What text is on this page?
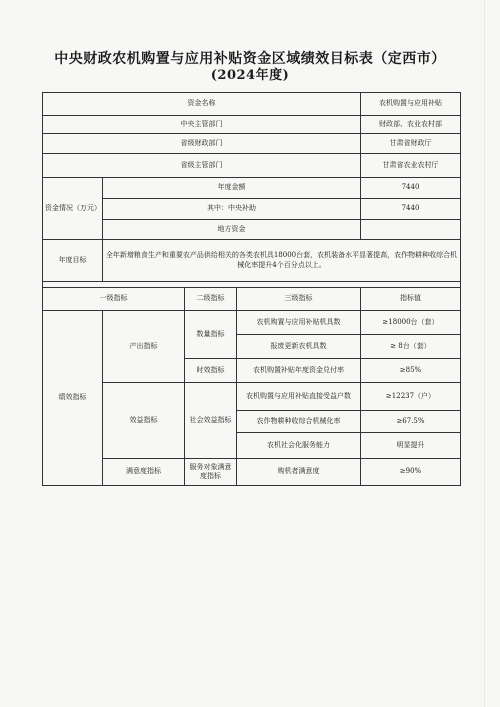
中央财政农机购置与应用补贴资金区域绩效目标表（定西市）
(2024年度)
资金名称				农机购置与应用补贴
中央主管部门				财政部、农业农村部
省级财政部门				甘肃省财政厅
省级主管部门				甘肃省农业农村厅
资金情况（万元）	年度金额			7440
	其中：中央补助			7440
	地方资金			
年度目标	全年新增粮食生产和重要农产品供给相关的各类农机具18000台套，农机装备水平显著提高，农作物耕种收综合机械化率提升4个百分点以上。			

一级指标		二级指标	三级指标	指标值
绩效指标	产出指标	数量指标	农机购置与应用补贴机具数	≥18000台（套）
			报废更新农机具数	≥ 8台（套）
		时效指标	农机购置补贴年度资金兑付率	≥85%
	效益指标	社会效益指标	农机购置与应用补贴直接受益户数	≥12237（户）
			农作物耕种收综合机械化率	≥67.5%
			农机社会化服务能力	明显提升
	满意度指标	服务对象满意度指标	购机者满意度	≥90%
